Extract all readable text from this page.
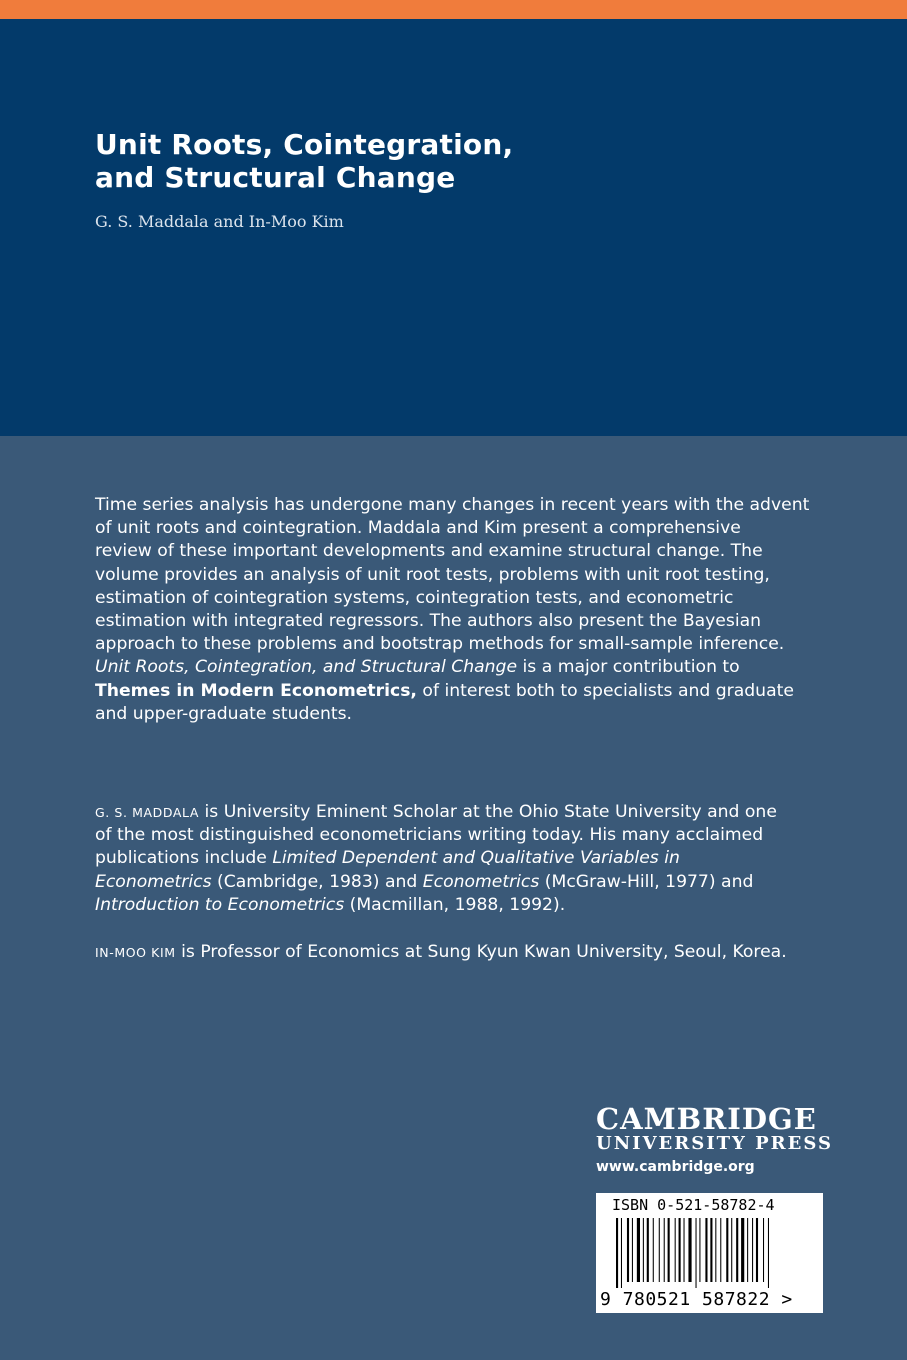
Unit Roots, Cointegration,
and Structural Change
G. S. Maddala and In-Moo Kim
Time series analysis has undergone many changes in recent years with the advent
of unit roots and cointegration. Maddala and Kim present a comprehensive
review of these important developments and examine structural change. The
volume provides an analysis of unit root tests, problems with unit root testing,
estimation of cointegration systems, cointegration tests, and econometric
estimation with integrated regressors. The authors also present the Bayesian
approach to these problems and bootstrap methods for small-sample inference.
Unit Roots, Cointegration, and Structural Change is a major contribution to
Themes in Modern Econometrics, of interest both to specialists and graduate
and upper-graduate students.
G. S. MADDALA is University Eminent Scholar at the Ohio State University and one
of the most distinguished econometricians writing today. His many acclaimed
publications include Limited Dependent and Qualitative Variables in
Econometrics (Cambridge, 1983) and Econometrics (McGraw-Hill, 1977) and
Introduction to Econometrics (Macmillan, 1988, 1992).
IN-MOO KIM is Professor of Economics at Sung Kyun Kwan University, Seoul, Korea.
CAMBRIDGE
UNIVERSITY PRESS
www.cambridge.org
ISBN 0-521-58782-4
9 780521 587822 >
